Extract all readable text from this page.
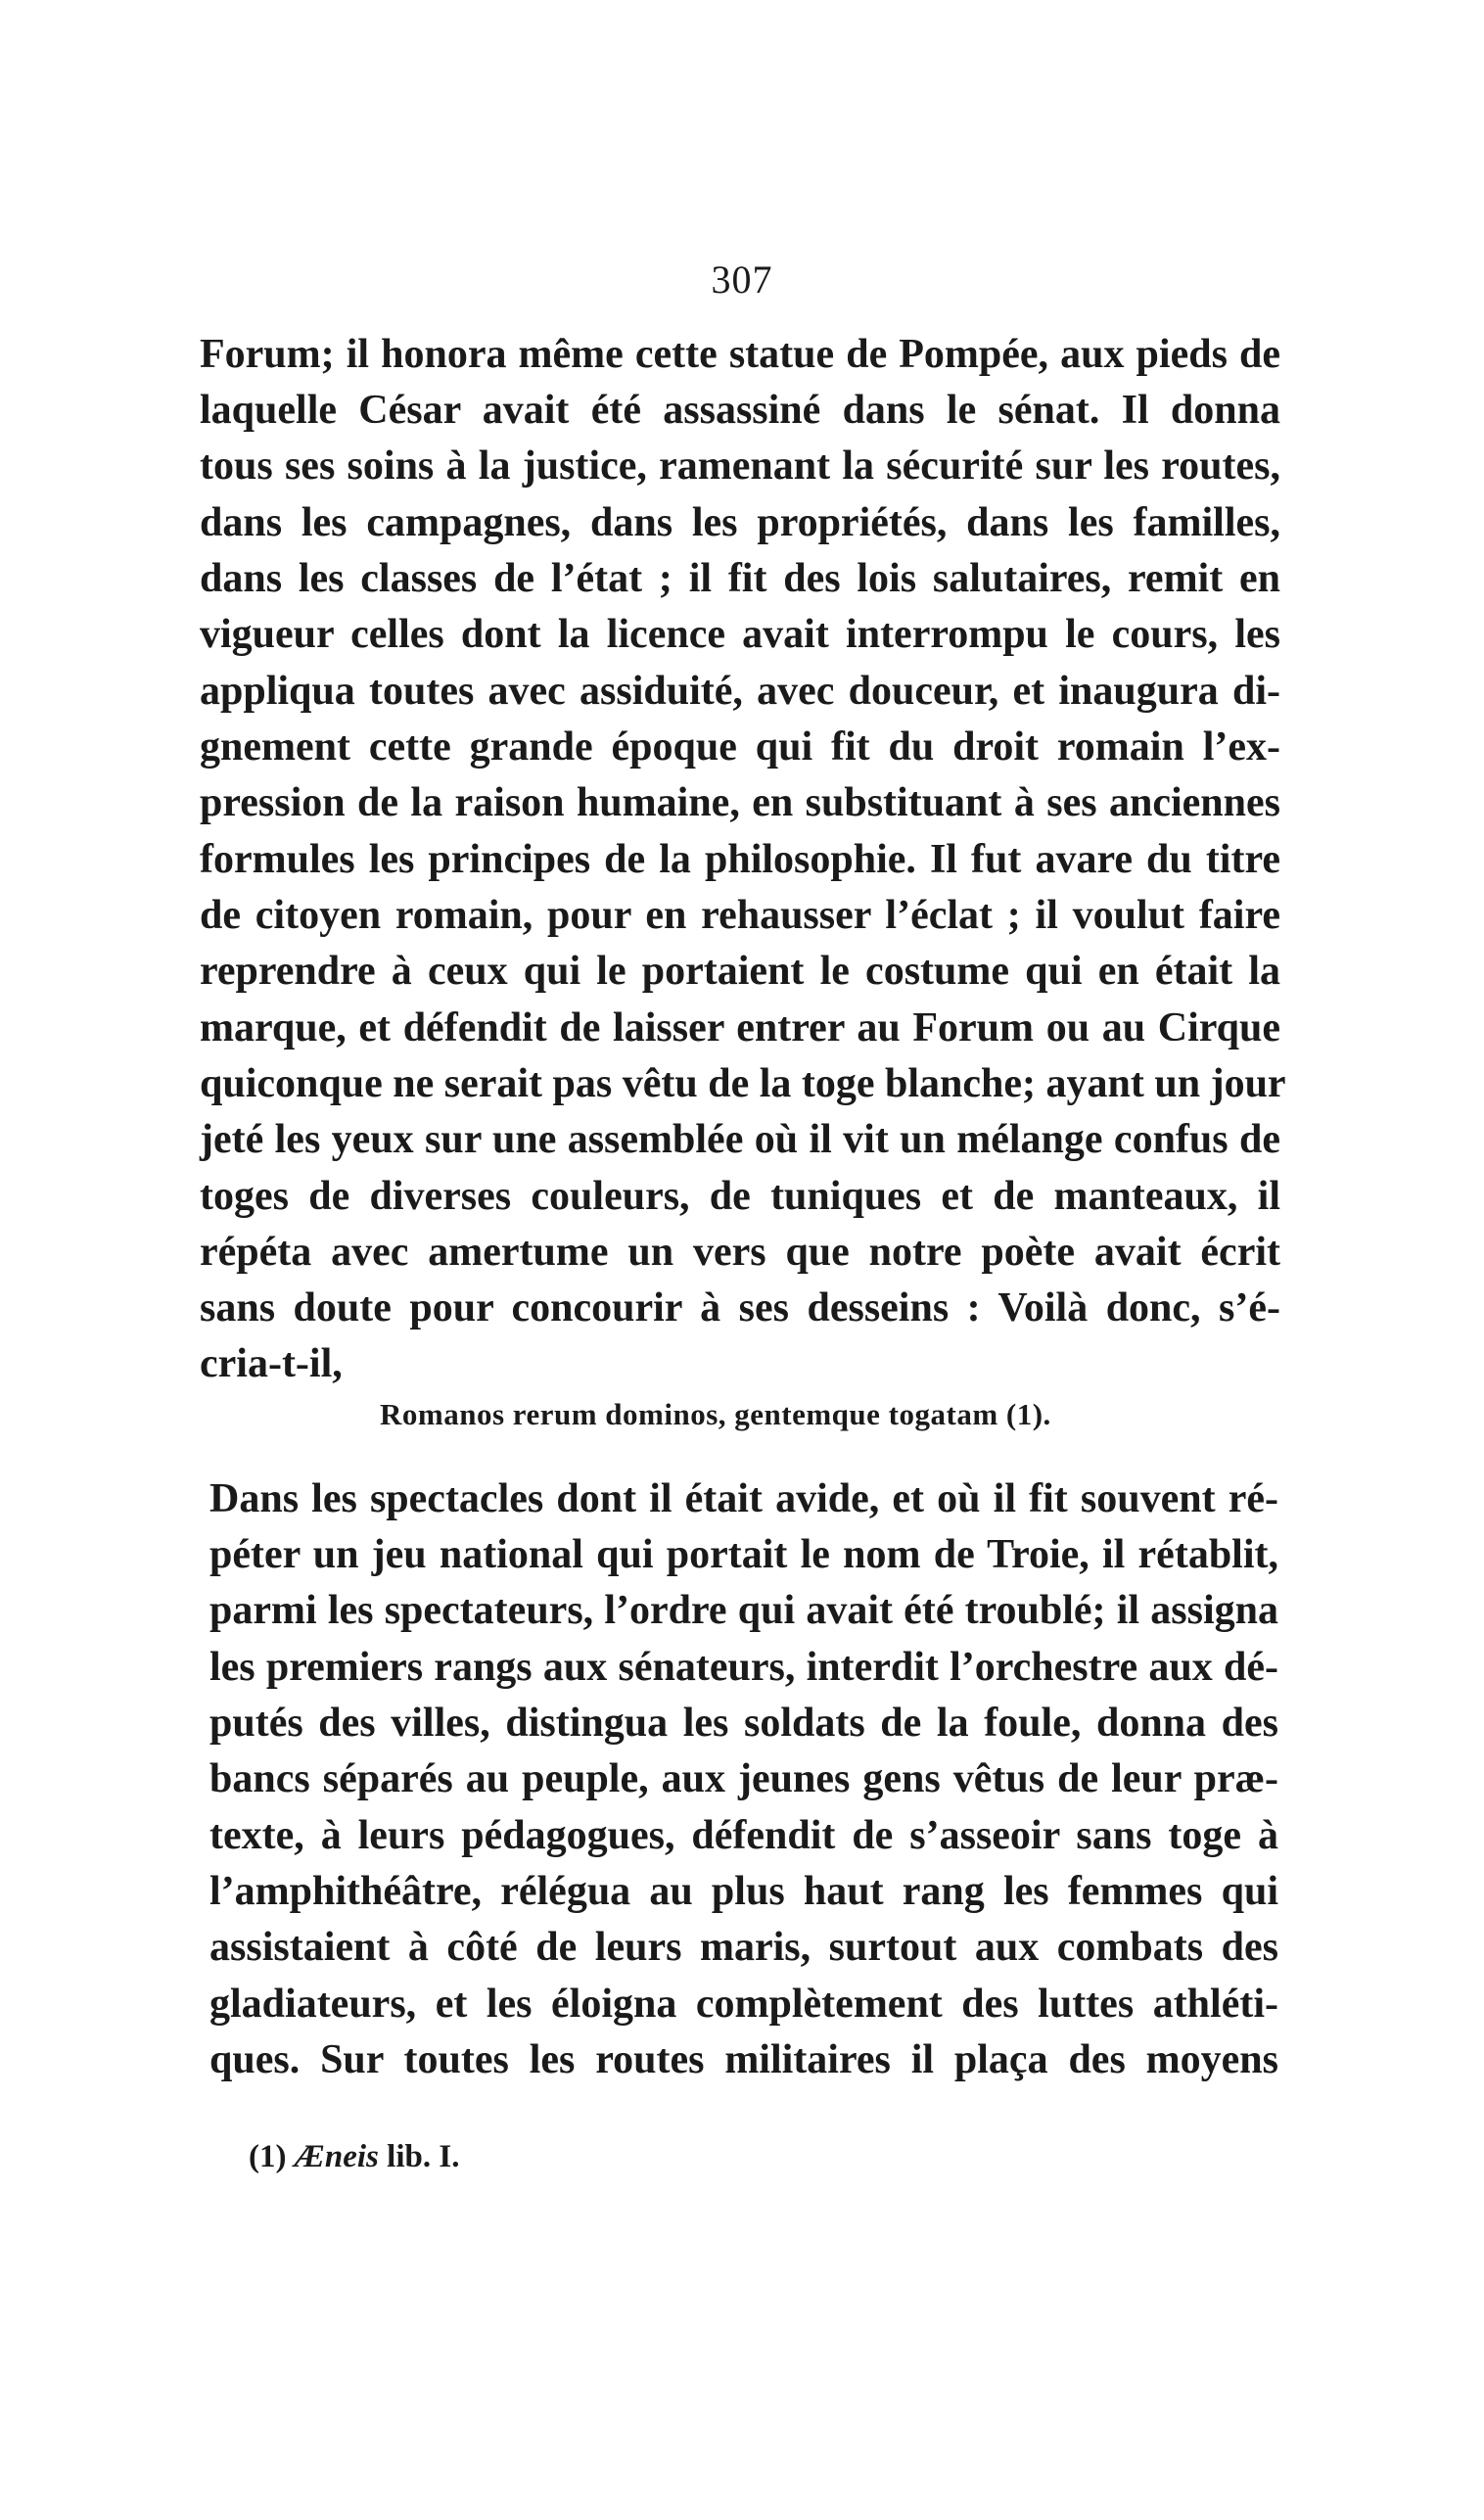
307
Forum; il honora même cette statue de Pompée, aux pieds de
laquelle César avait été assassiné dans le sénat. Il donna
tous ses soins à la justice, ramenant la sécurité sur les routes,
dans les campagnes, dans les propriétés, dans les familles,
dans les classes de l’état ; il fit des lois salutaires, remit en
vigueur celles dont la licence avait interrompu le cours, les
appliqua toutes avec assiduité, avec douceur, et inaugura di-
gnement cette grande époque qui fit du droit romain l’ex-
pression de la raison humaine, en substituant à ses anciennes
formules les principes de la philosophie. Il fut avare du titre
de citoyen romain, pour en rehausser l’éclat ; il voulut faire
reprendre à ceux qui le portaient le costume qui en était la
marque, et défendit de laisser entrer au Forum ou au Cirque
quiconque ne serait pas vêtu de la toge blanche; ayant un jour
jeté les yeux sur une assemblée où il vit un mélange confus de
toges de diverses couleurs, de tuniques et de manteaux, il
répéta avec amertume un vers que notre poète avait écrit
sans doute pour concourir à ses desseins : Voilà donc, s’é-
cria-t-il,
Romanos rerum dominos, gentemque togatam (1).
Dans les spectacles dont il était avide, et où il fit souvent ré-
péter un jeu national qui portait le nom de Troie, il rétablit,
parmi les spectateurs, l’ordre qui avait été troublé; il assigna
les premiers rangs aux sénateurs, interdit l’orchestre aux dé-
putés des villes, distingua les soldats de la foule, donna des
bancs séparés au peuple, aux jeunes gens vêtus de leur præ-
texte, à leurs pédagogues, défendit de s’asseoir sans toge à
l’amphithéâtre, rélégua au plus haut rang les femmes qui
assistaient à côté de leurs maris, surtout aux combats des
gladiateurs, et les éloigna complètement des luttes athléti-
ques. Sur toutes les routes militaires il plaça des moyens
(1) Æneis lib. I.
